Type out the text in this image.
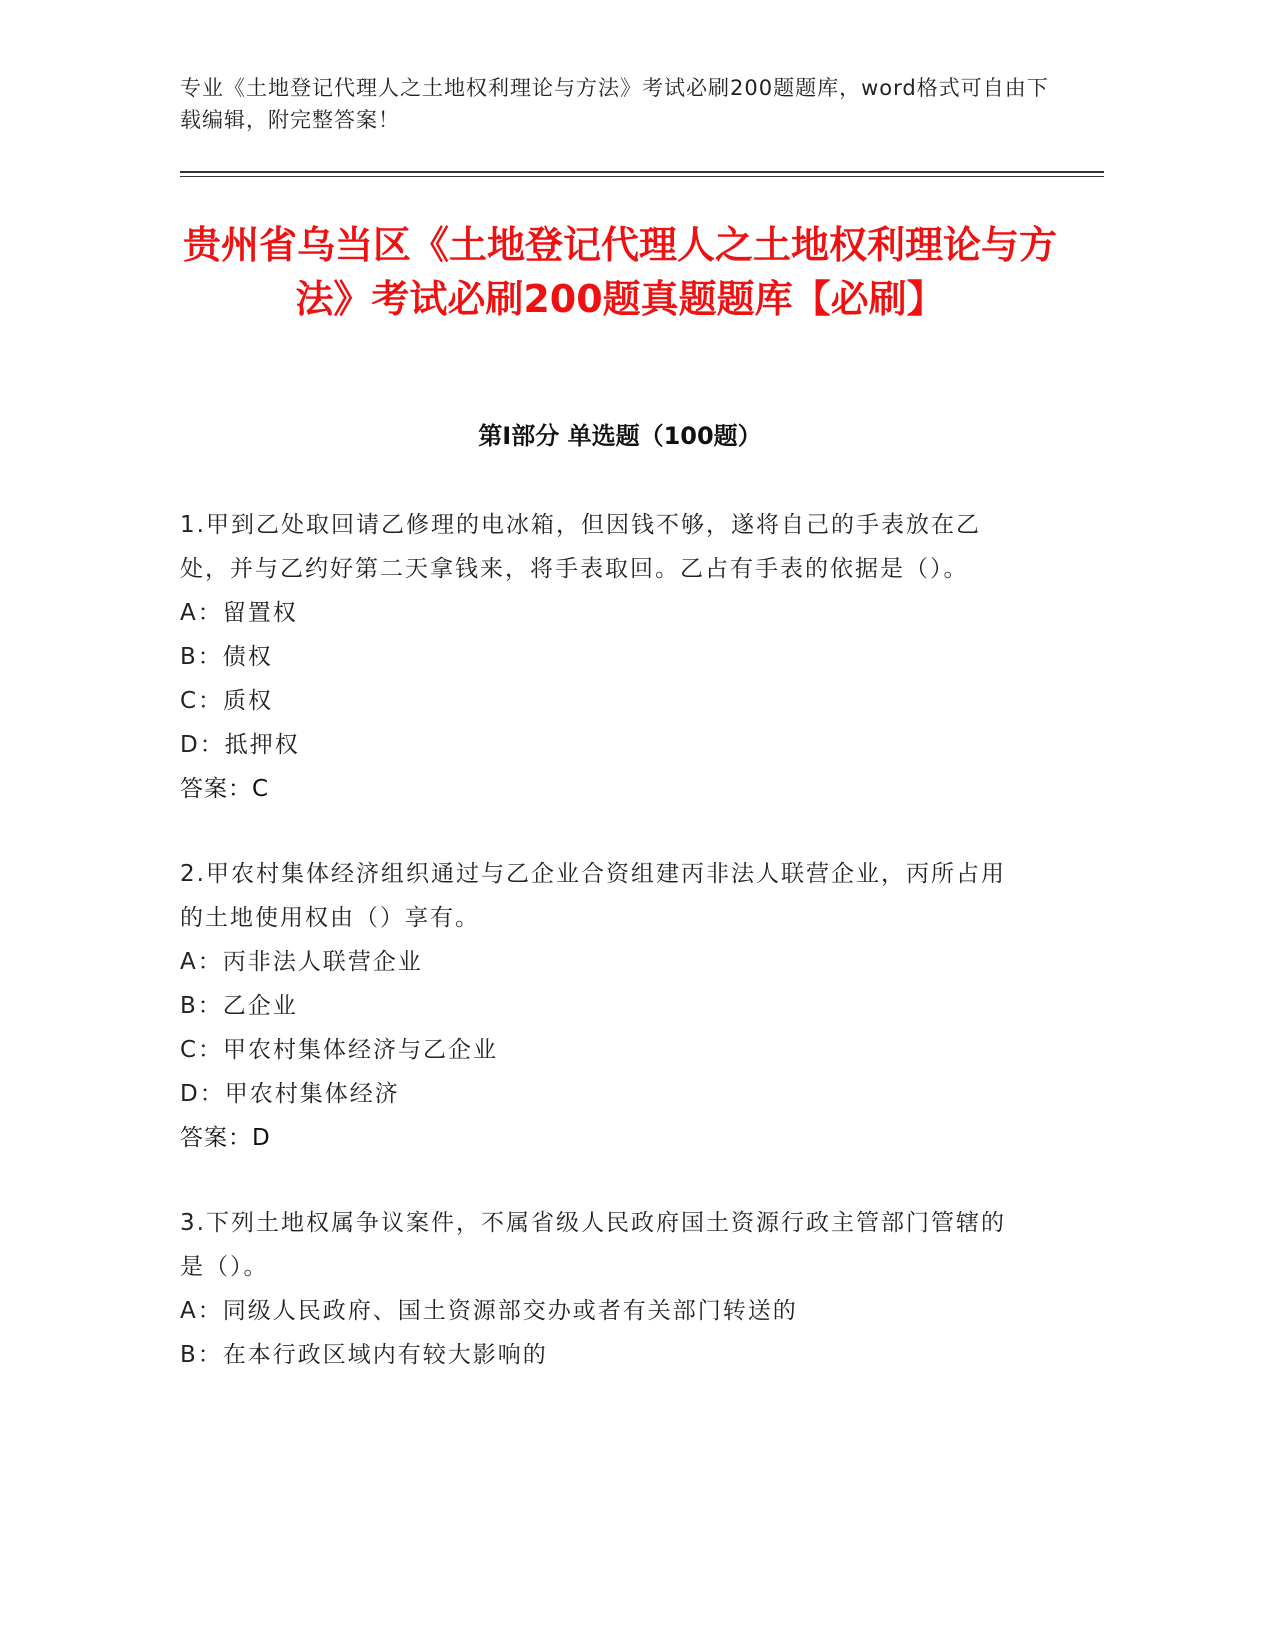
专业《土地登记代理人之土地权利理论与方法》考试必刷200题题库，word格式可自由下载编辑，附完整答案！
贵州省乌当区《土地登记代理人之土地权利理论与方法》考试必刷200题真题题库【必刷】
第Ⅰ部分 单选题（100题）
1.甲到乙处取回请乙修理的电冰箱，但因钱不够，遂将自己的手表放在乙处，并与乙约好第二天拿钱来，将手表取回。乙占有手表的依据是（）。
A：留置权
B：债权
C：质权
D：抵押权
答案：C
2.甲农村集体经济组织通过与乙企业合资组建丙非法人联营企业，丙所占用的土地使用权由（）享有。
A：丙非法人联营企业
B：乙企业
C：甲农村集体经济与乙企业
D：甲农村集体经济
答案：D
3.下列土地权属争议案件，不属省级人民政府国土资源行政主管部门管辖的是（）。
A：同级人民政府、国土资源部交办或者有关部门转送的
B：在本行政区域内有较大影响的
